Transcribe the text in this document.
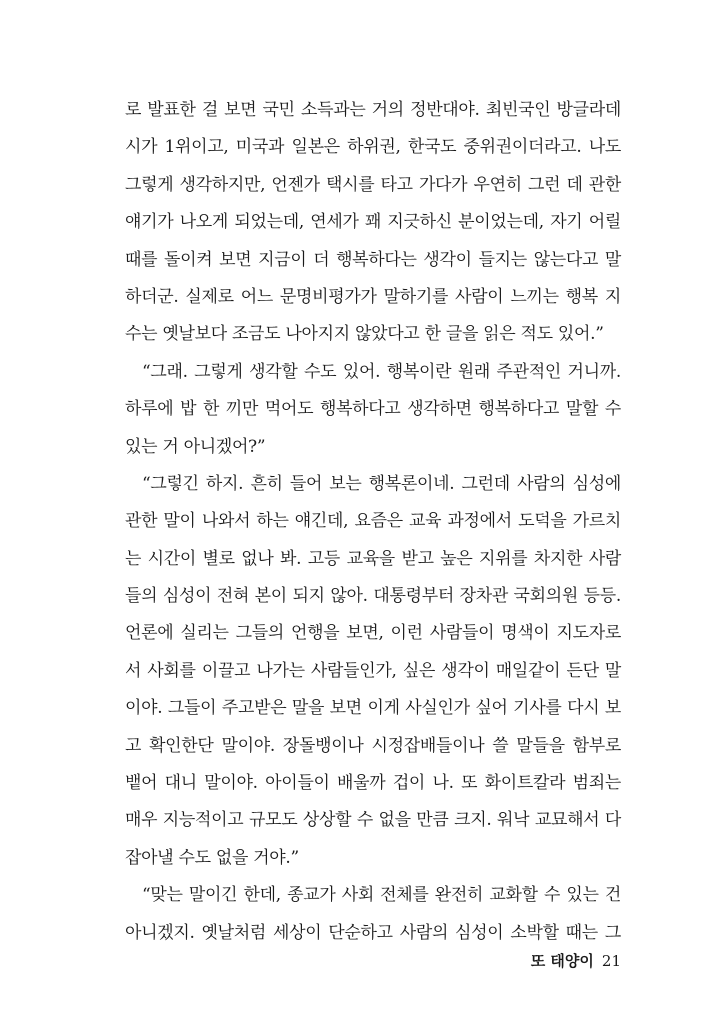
로 발표한 걸 보면 국민 소득과는 거의 정반대야. 최빈국인 방글라데
시가 1위이고, 미국과 일본은 하위권, 한국도 중위권이더라고. 나도
그렇게 생각하지만, 언젠가 택시를 타고 가다가 우연히 그런 데 관한
얘기가 나오게 되었는데, 연세가 꽤 지긋하신 분이었는데, 자기 어릴
때를 돌이켜 보면 지금이 더 행복하다는 생각이 들지는 않는다고 말
하더군. 실제로 어느 문명비평가가 말하기를 사람이 느끼는 행복 지
수는 옛날보다 조금도 나아지지 않았다고 한 글을 읽은 적도 있어.”
“그래. 그렇게 생각할 수도 있어. 행복이란 원래 주관적인 거니까.
하루에 밥 한 끼만 먹어도 행복하다고 생각하면 행복하다고 말할 수
있는 거 아니겠어?”
“그렇긴 하지. 흔히 들어 보는 행복론이네. 그런데 사람의 심성에
관한 말이 나와서 하는 얘긴데, 요즘은 교육 과정에서 도덕을 가르치
는 시간이 별로 없나 봐. 고등 교육을 받고 높은 지위를 차지한 사람
들의 심성이 전혀 본이 되지 않아. 대통령부터 장차관 국회의원 등등.
언론에 실리는 그들의 언행을 보면, 이런 사람들이 명색이 지도자로
서 사회를 이끌고 나가는 사람들인가, 싶은 생각이 매일같이 든단 말
이야. 그들이 주고받은 말을 보면 이게 사실인가 싶어 기사를 다시 보
고 확인한단 말이야. 장돌뱅이나 시정잡배들이나 쓸 말들을 함부로
뱉어 대니 말이야. 아이들이 배울까 겁이 나. 또 화이트칼라 범죄는
매우 지능적이고 규모도 상상할 수 없을 만큼 크지. 워낙 교묘해서 다
잡아낼 수도 없을 거야.”
“맞는 말이긴 한데, 종교가 사회 전체를 완전히 교화할 수 있는 건
아니겠지. 옛날처럼 세상이 단순하고 사람의 심성이 소박할 때는 그
또 태양이 21
